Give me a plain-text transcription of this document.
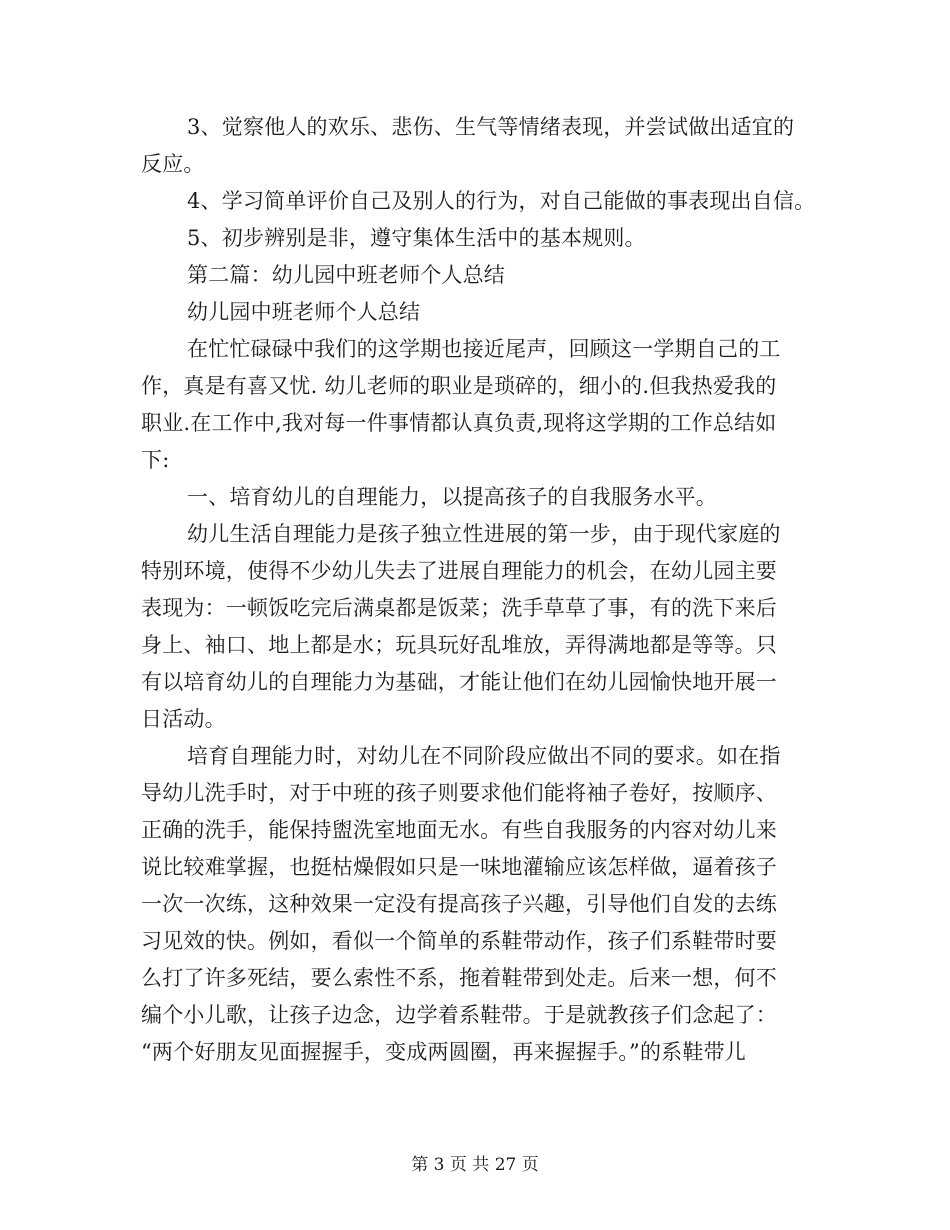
3、觉察他人的欢乐、悲伤、生气等情绪表现，并尝试做出适宜的
反应。
4、学习简单评价自己及别人的行为，对自己能做的事表现出自信。
5、初步辨别是非，遵守集体生活中的基本规则。
第二篇：幼儿园中班老师个人总结
幼儿园中班老师个人总结
在忙忙碌碌中我们的这学期也接近尾声，回顾这一学期自己的工
作，真是有喜又忧. 幼儿老师的职业是琐碎的，细小的.但我热爱我的
职业.在工作中,我对每一件事情都认真负责,现将这学期的工作总结如
下:
一、培育幼儿的自理能力，以提高孩子的自我服务水平。
幼儿生活自理能力是孩子独立性进展的第一步，由于现代家庭的
特别环境，使得不少幼儿失去了进展自理能力的机会，在幼儿园主要
表现为：一顿饭吃完后满桌都是饭菜；洗手草草了事，有的洗下来后
身上、袖口、地上都是水；玩具玩好乱堆放，弄得满地都是等等。只
有以培育幼儿的自理能力为基础，才能让他们在幼儿园愉快地开展一
日活动。
培育自理能力时，对幼儿在不同阶段应做出不同的要求。如在指
导幼儿洗手时，对于中班的孩子则要求他们能将袖子卷好，按顺序、
正确的洗手，能保持盥洗室地面无水。有些自我服务的内容对幼儿来
说比较难掌握，也挺枯燥假如只是一味地灌输应该怎样做，逼着孩子
一次一次练，这种效果一定没有提高孩子兴趣，引导他们自发的去练
习见效的快。例如，看似一个简单的系鞋带动作，孩子们系鞋带时要
么打了许多死结，要么索性不系，拖着鞋带到处走。后来一想，何不
编个小儿歌，让孩子边念，边学着系鞋带。于是就教孩子们念起了：
“两个好朋友见面握握手，变成两圆圈，再来握握手。”的系鞋带儿
第 3 页 共 27 页
